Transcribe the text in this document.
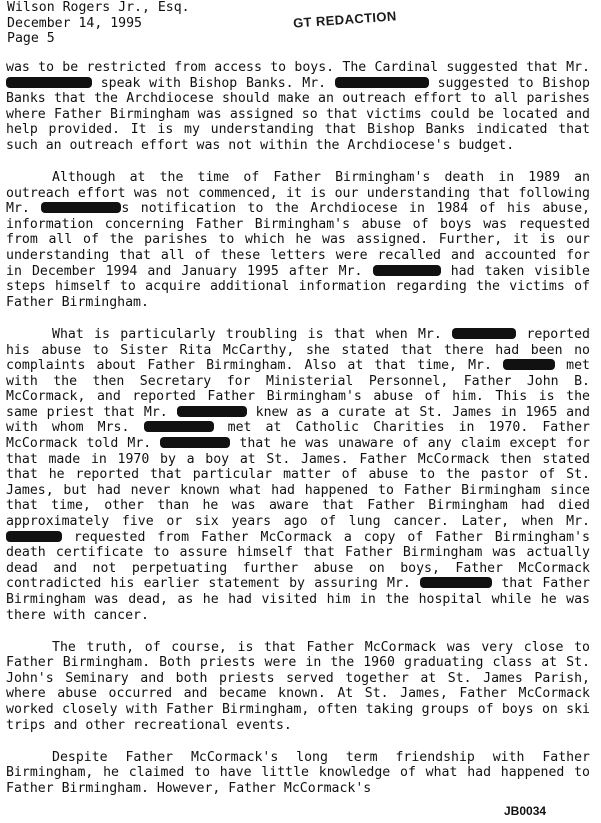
Wilson Rogers Jr., Esq.
December 14, 1995
Page 5
GT REDACTION

was to be restricted from access to boys. The Cardinal suggested that Mr.  speak with Bishop Banks. Mr.	suggested to Bishop Banks that the Archdiocese should make an outreach effort to all parishes where Father Birmingham was assigned so that victims could be located and help provided. It is my understanding that Bishop Banks indicated that such an outreach effort was not within the Archdiocese's budget.

Although at the time of Father Birmingham's death in 1989 an outreach effort was not commenced, it is our understanding that following Mr.	s notification to the Archdiocese in 1984 of his abuse, information concerning Father Birmingham's abuse of boys was requested from all of the parishes to which he was assigned. Further, it is our understanding that all of these letters were recalled and accounted for in December 1994 and January 1995 after Mr.	had taken visible steps himself to acquire additional information regarding the victims of Father Birmingham.

What is particularly troubling is that when Mr.	reported his abuse to Sister Rita McCarthy, she stated that there had been no complaints about Father Birmingham. Also at that time, Mr.	met with the then Secretary for Ministerial Personnel, Father John B. McCormack, and reported Father Birmingham's abuse of him. This is the same priest that Mr.	knew as a curate at St. James in 1965 and with whom Mrs.	met at Catholic Charities in 1970. Father McCormack told Mr.	that he was unaware of any claim except for that made in 1970 by a boy at St. James. Father McCormack then stated that he reported that particular matter of abuse to the pastor of St. James, but had never known what had happened to Father Birmingham since that time, other than he was aware that Father Birmingham had died approximately five or six years ago of lung cancer. Later, when Mr.  requested from Father McCormack a copy of Father Birmingham's death certificate to assure himself that Father Birmingham was actually dead and not perpetuating further abuse on boys, Father McCormack contradicted his earlier statement by assuring Mr.	that Father Birmingham was dead, as he had visited him in the hospital while he was there with cancer.

The truth, of course, is that Father McCormack was very close to Father Birmingham. Both priests were in the 1960 graduating class at St. John's Seminary and both priests served together at St. James Parish, where abuse occurred and became known. At St. James, Father McCormack worked closely with Father Birmingham, often taking groups of boys on ski trips and other recreational events.

Despite Father McCormack's long term friendship with Father Birmingham, he claimed to have little knowledge of what had happened to Father Birmingham. However, Father McCormack's

JB0034
